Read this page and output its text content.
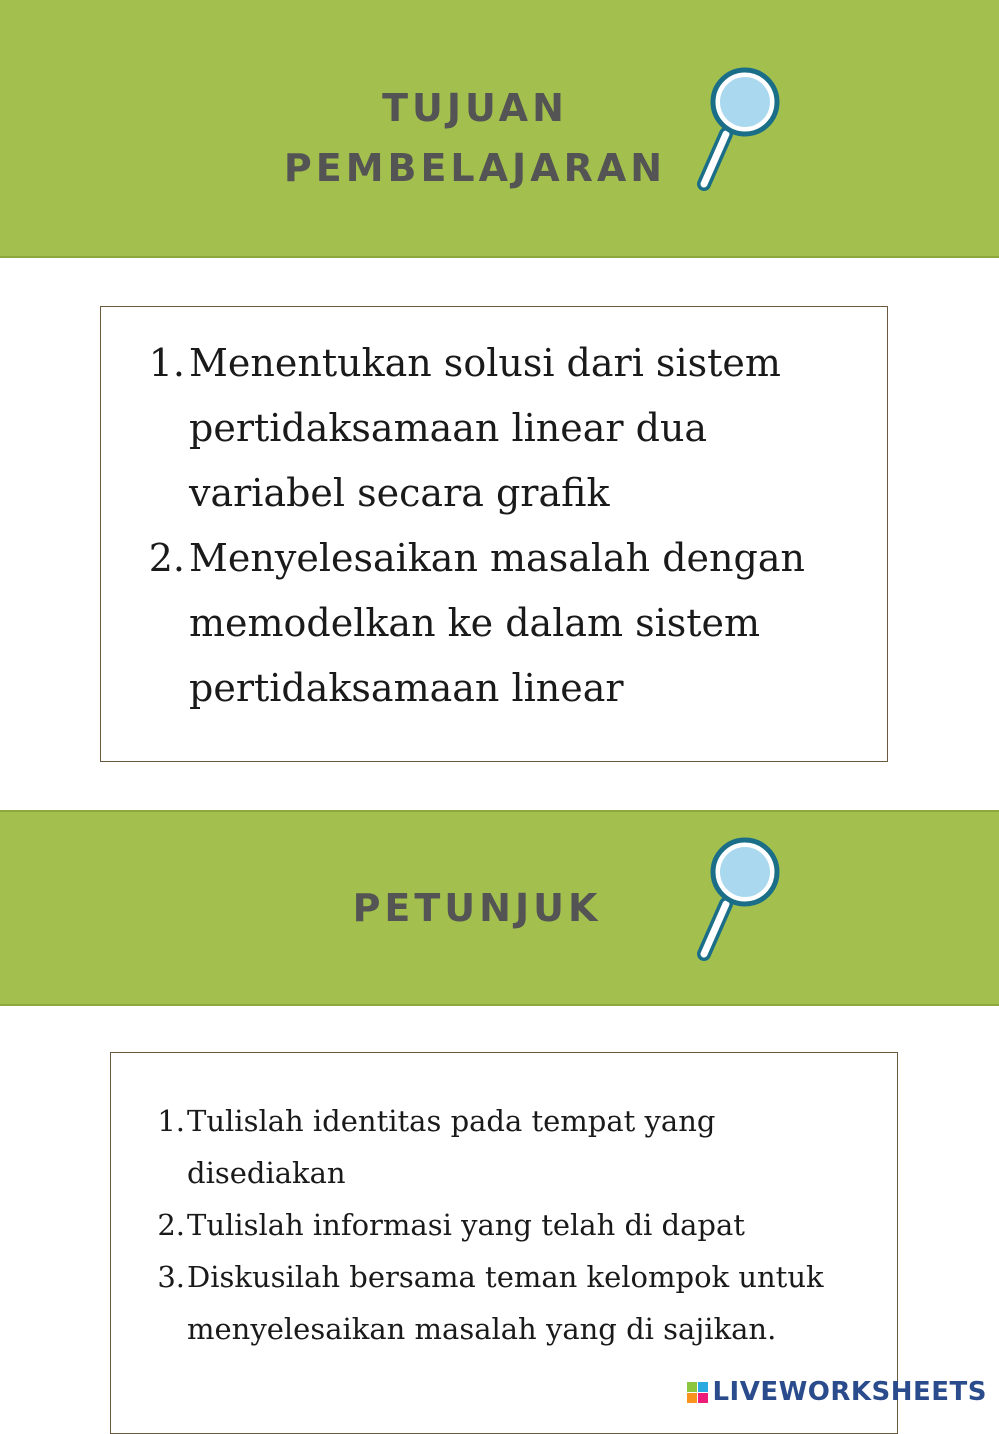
TUJUAN
PEMBELAJARAN
1. Menentukan solusi dari sistem
pertidaksamaan linear dua
variabel secara grafik
2. Menyelesaikan masalah dengan
memodelkan ke dalam sistem
pertidaksamaan linear
PETUNJUK
1. Tulislah identitas pada tempat yang
disediakan
2. Tulislah informasi yang telah di dapat
3. Diskusilah bersama teman kelompok untuk
menyelesaikan masalah yang di sajikan.
LIVEWORKSHEETS
